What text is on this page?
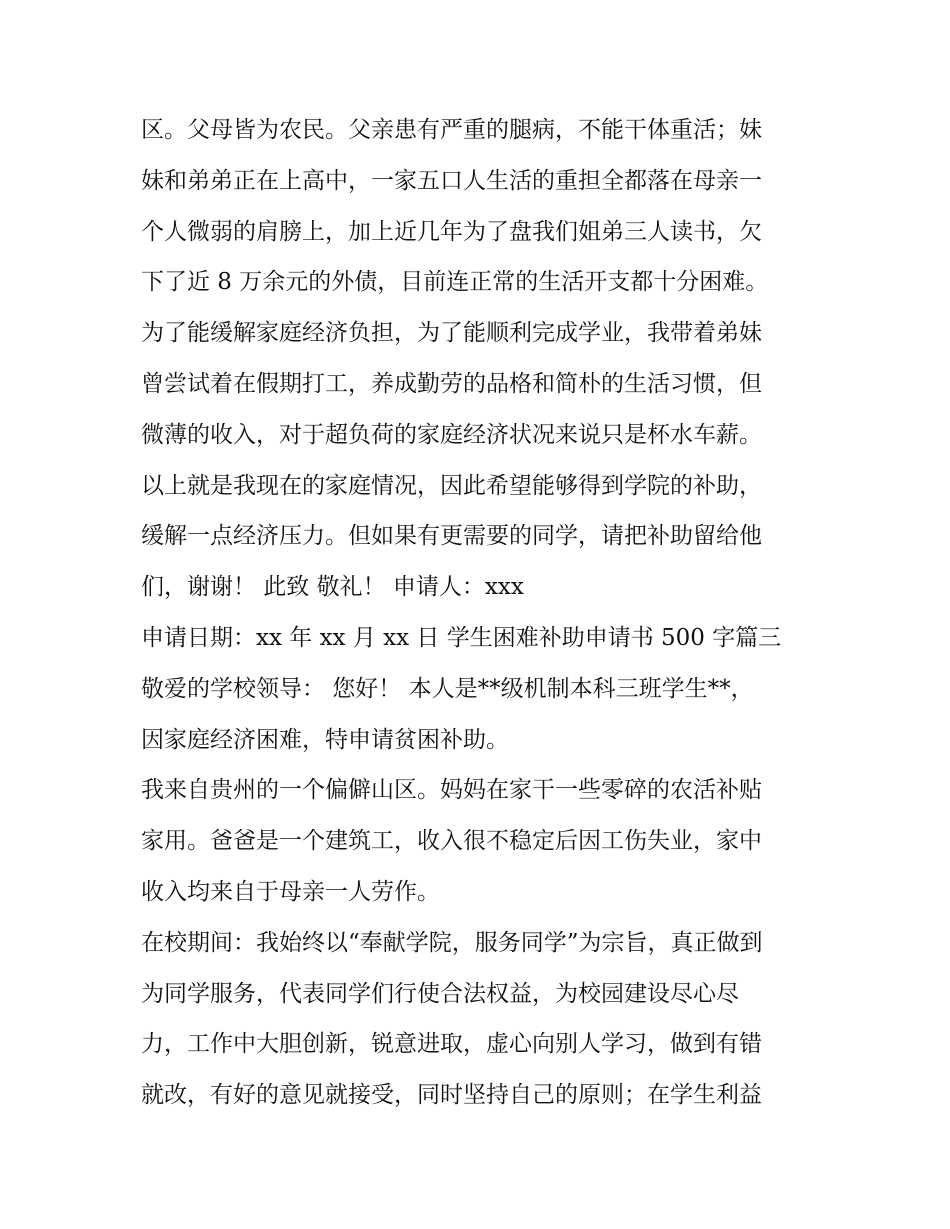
区。父母皆为农民。父亲患有严重的腿病，不能干体重活；妹
妹和弟弟正在上高中，一家五口人生活的重担全都落在母亲一
个人微弱的肩膀上，加上近几年为了盘我们姐弟三人读书，欠
下了近 8 万余元的外债，目前连正常的生活开支都十分困难。
为了能缓解家庭经济负担，为了能顺利完成学业，我带着弟妹
曾尝试着在假期打工，养成勤劳的品格和简朴的生活习惯，但
微薄的收入，对于超负荷的家庭经济状况来说只是杯水车薪。
以上就是我现在的家庭情况，因此希望能够得到学院的补助，
缓解一点经济压力。但如果有更需要的同学，请把补助留给他
们，谢谢！ 此致 敬礼！ 申请人：xxx
申请日期：xx 年 xx 月 xx 日 学生困难补助申请书 500 字篇三
敬爱的学校领导： 您好！ 本人是**级机制本科三班学生**，
因家庭经济困难，特申请贫困补助。
我来自贵州的一个偏僻山区。妈妈在家干一些零碎的农活补贴
家用。爸爸是一个建筑工，收入很不稳定后因工伤失业，家中
收入均来自于母亲一人劳作。
在校期间：我始终以“奉献学院，服务同学”为宗旨，真正做到
为同学服务，代表同学们行使合法权益，为校园建设尽心尽
力，工作中大胆创新，锐意进取，虚心向别人学习，做到有错
就改，有好的意见就接受，同时坚持自己的原则；在学生利益
